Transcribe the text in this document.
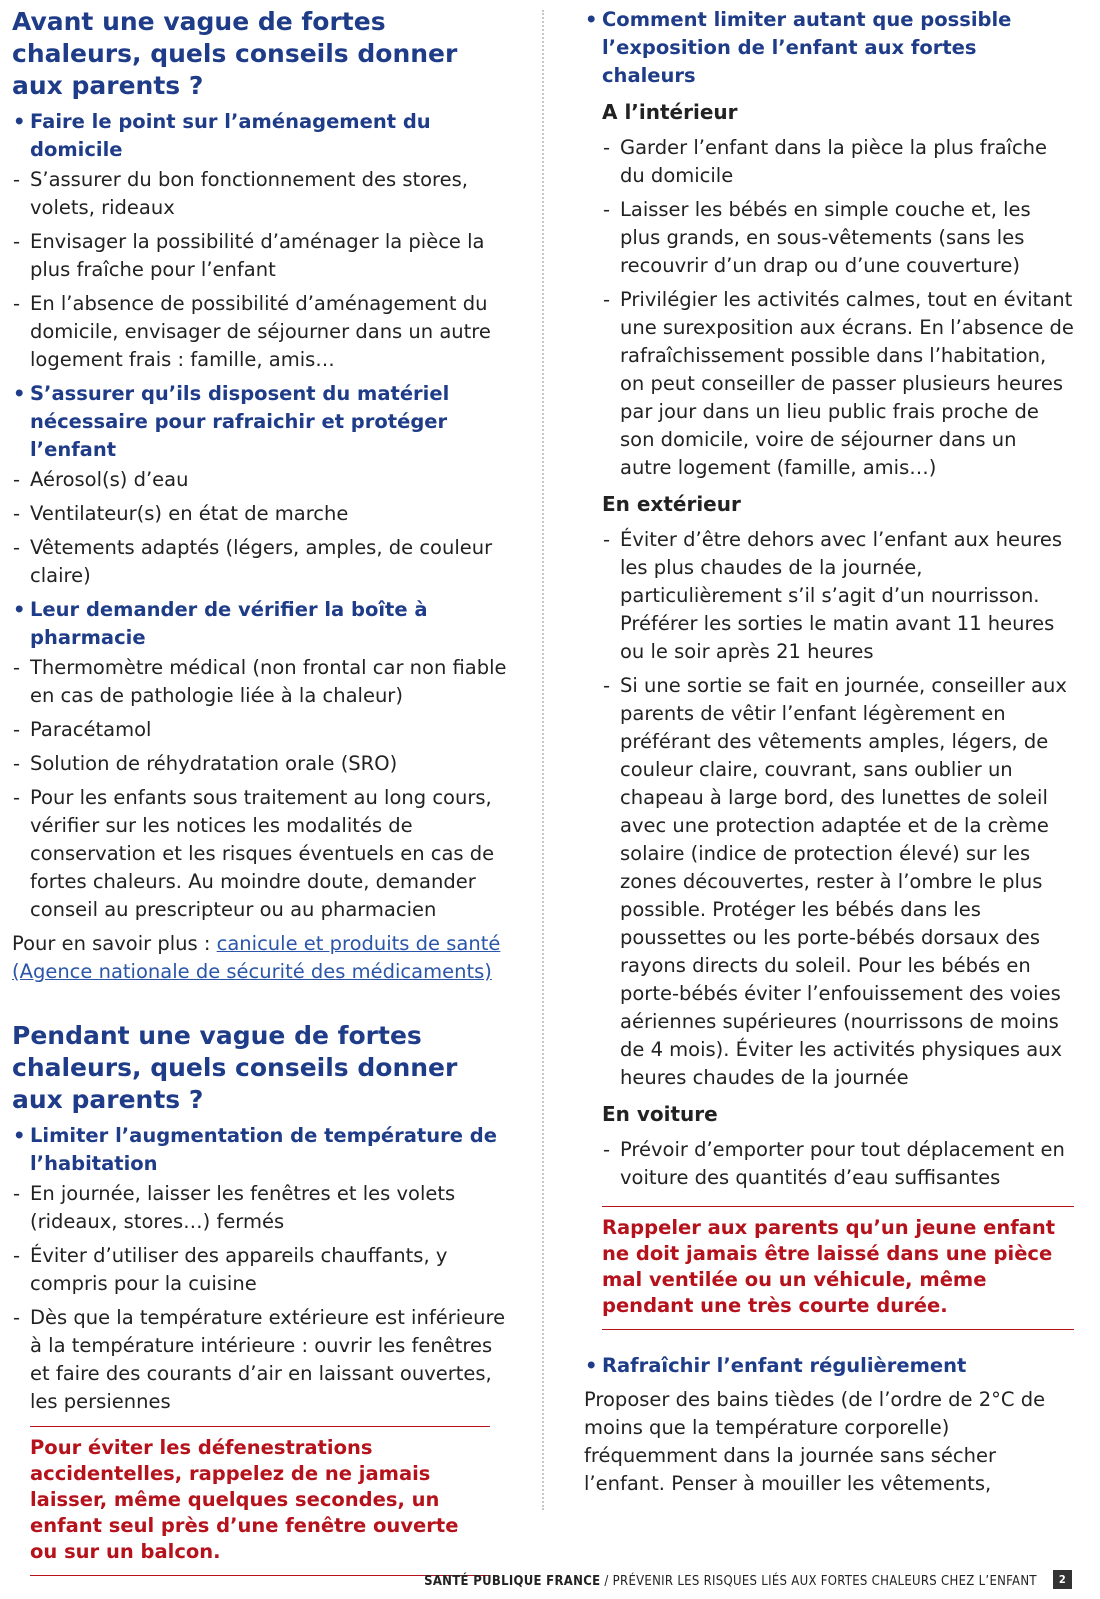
Avant une vague de fortes chaleurs, quels conseils donner aux parents ?
• Faire le point sur l’aménagement du domicile
- S’assurer du bon fonctionnement des stores, volets, rideaux
- Envisager la possibilité d’aménager la pièce la plus fraîche pour l’enfant
- En l’absence de possibilité d’aménagement du domicile, envisager de séjourner dans un autre logement frais : famille, amis…
• S’assurer qu’ils disposent du matériel nécessaire pour rafraichir et protéger l’enfant
- Aérosol(s) d’eau
- Ventilateur(s) en état de marche
- Vêtements adaptés (légers, amples, de couleur claire)
• Leur demander de vérifier la boîte à pharmacie
- Thermomètre médical (non frontal car non fiable en cas de pathologie liée à la chaleur)
- Paracétamol
- Solution de réhydratation orale (SRO)
- Pour les enfants sous traitement au long cours, vérifier sur les notices les modalités de conservation et les risques éventuels en cas de fortes chaleurs. Au moindre doute, demander conseil au prescripteur ou au pharmacien

Pour en savoir plus : canicule et produits de santé (Agence nationale de sécurité des médicaments)

Pendant une vague de fortes chaleurs, quels conseils donner aux parents ?
• Limiter l’augmentation de température de l’habitation
- En journée, laisser les fenêtres et les volets (rideaux, stores…) fermés
- Éviter d’utiliser des appareils chauffants, y compris pour la cuisine
- Dès que la température extérieure est inférieure à la température intérieure : ouvrir les fenêtres et faire des courants d’air en laissant ouvertes, les persiennes
Pour éviter les défenestrations accidentelles, rappelez de ne jamais laisser, même quelques secondes, un enfant seul près d’une fenêtre ouverte ou sur un balcon.
• Comment limiter autant que possible l’exposition de l’enfant aux fortes chaleurs
A l’intérieur
- Garder l’enfant dans la pièce la plus fraîche du domicile
- Laisser les bébés en simple couche et, les plus grands, en sous-vêtements (sans les recouvrir d’un drap ou d’une couverture)
- Privilégier les activités calmes, tout en évitant une surexposition aux écrans. En l’absence de rafraîchissement possible dans l’habitation, on peut conseiller de passer plusieurs heures par jour dans un lieu public frais proche de son domicile, voire de séjourner dans un autre logement (famille, amis…)
En extérieur
- Éviter d’être dehors avec l’enfant aux heures les plus chaudes de la journée, particulièrement s’il s’agit d’un nourrisson. Préférer les sorties le matin avant 11 heures ou le soir après 21 heures
- Si une sortie se fait en journée, conseiller aux parents de vêtir l’enfant légèrement en préférant des vêtements amples, légers, de couleur claire, couvrant, sans oublier un chapeau à large bord, des lunettes de soleil avec une protection adaptée et de la crème solaire (indice de protection élevé) sur les zones découvertes, rester à l’ombre le plus possible. Protéger les bébés dans les poussettes ou les porte-bébés dorsaux des rayons directs du soleil. Pour les bébés en porte-bébés éviter l’enfouissement des voies aériennes supérieures (nourrissons de moins de 4 mois). Éviter les activités physiques aux heures chaudes de la journée
En voiture
- Prévoir d’emporter pour tout déplacement en voiture des quantités d’eau suffisantes
Rappeler aux parents qu’un jeune enfant ne doit jamais être laissé dans une pièce mal ventilée ou un véhicule, même pendant une très courte durée.
• Rafraîchir l’enfant régulièrement

Proposer des bains tièdes (de l’ordre de 2°C de moins que la température corporelle) fréquemment dans la journée sans sécher l’enfant. Penser à mouiller les vêtements,

SANTÉ PUBLIQUE FRANCE / PRÉVENIR LES RISQUES LIÉS AUX FORTES CHALEURS CHEZ L’ENFANT 2
